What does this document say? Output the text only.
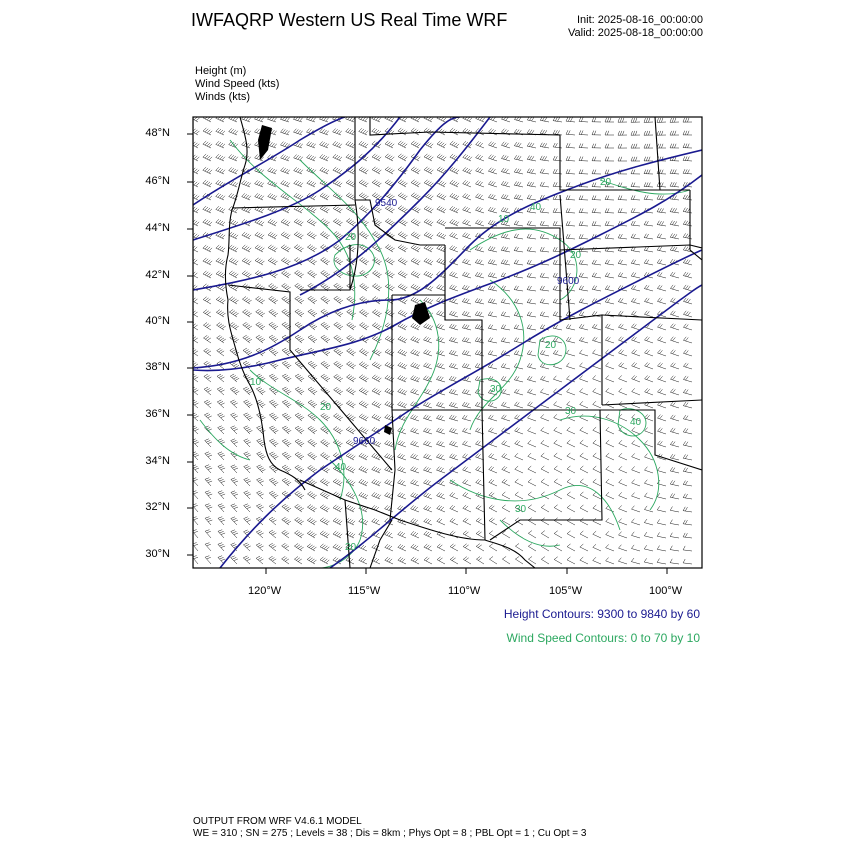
IWFAQRP Western US Real Time WRF	Init: 2025-08-16_00:00:00
Valid: 2025-08-18_00:00:00
Height (m)
Wind Speed (kts)
Winds (kts)
9540
9600
9660
20
40
10
20
20
30
40
10
40
30
20
30
20
20
48°N
46°N
44°N
42°N
40°N
38°N
36°N
34°N
32°N
30°N
120°W	115°W	110°W	105°W	100°W
Height Contours: 9300 to 9840 by 60
Wind Speed Contours: 0 to 70 by 10
OUTPUT FROM WRF V4.6.1 MODEL
WE = 310 ; SN = 275 ; Levels = 38 ; Dis = 8km ; Phys Opt = 8 ; PBL Opt = 1 ; Cu Opt = 3
